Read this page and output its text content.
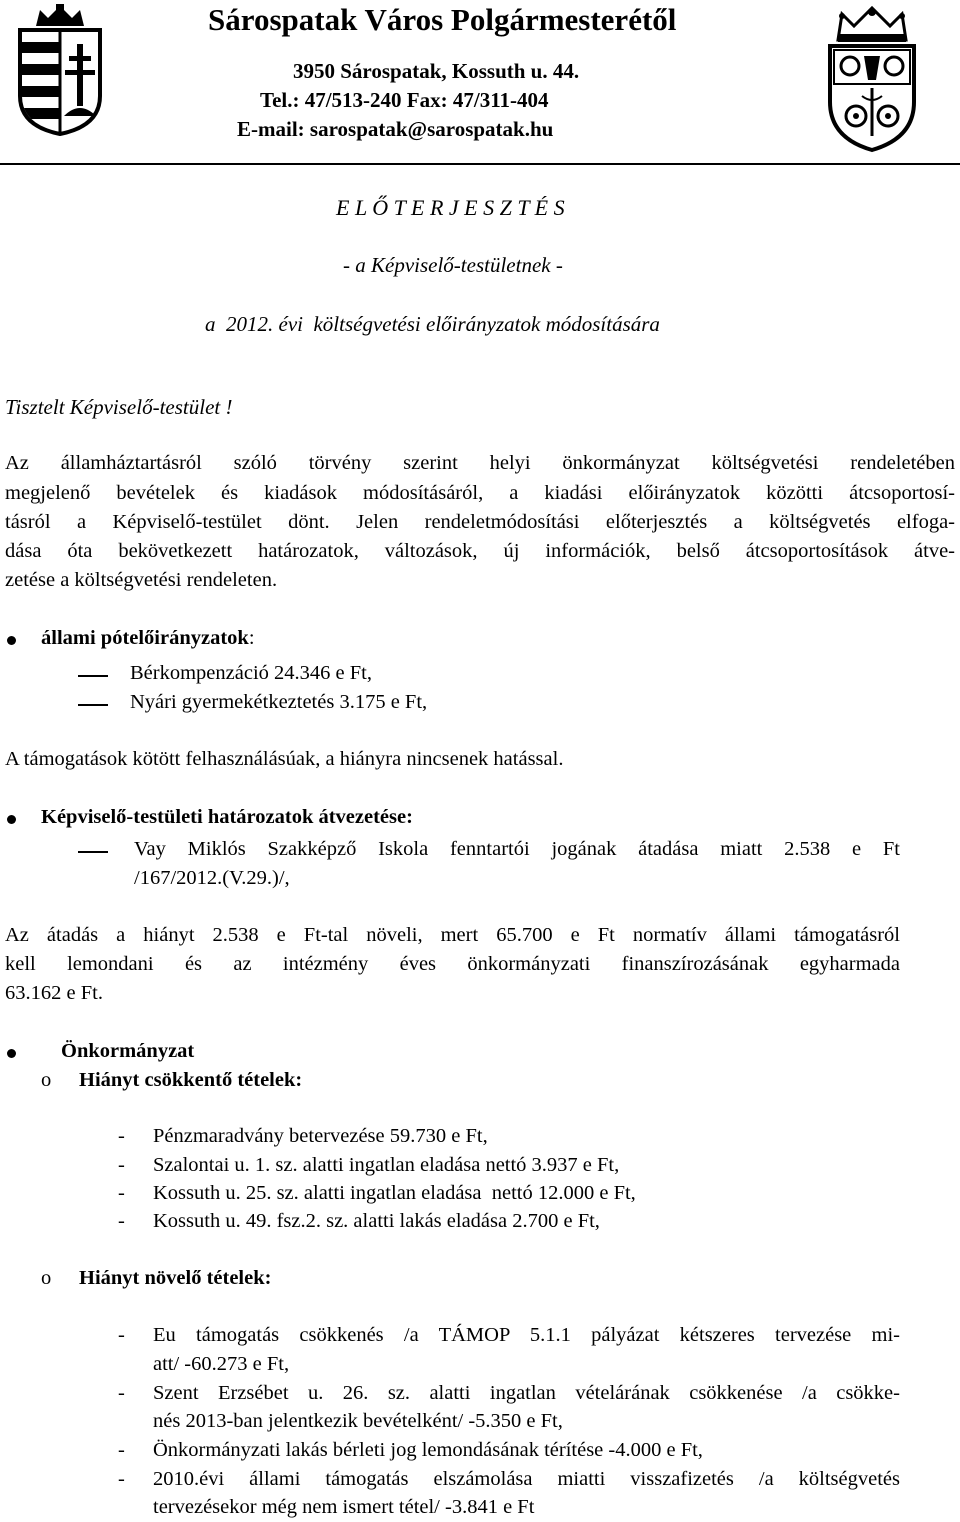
Sárospatak Város Polgármesterétől
3950 Sárospatak, Kossuth u. 44.
Tel.: 47/513-240 Fax: 47/311-404
E-mail: sarospatak@sarospatak.hu
E L Ő T E R J E S Z T É S
- a Képviselő-testületnek -
a  2012. évi  költségvetési előirányzatok módosítására
Tisztelt Képviselő-testület !
Az államháztartásról szóló törvény szerint helyi önkormányzat költségvetési rendeletében
megjelenő bevételek és kiadások módosításáról, a kiadási előirányzatok közötti átcsoportosí-
tásról a Képviselő-testület dönt. Jelen rendeletmódosítási előterjesztés a költségvetés elfoga-
dása óta bekövetkezett határozatok, változások, új információk, belső átcsoportosítások átve-
zetése a költségvetési rendeleten.
állami pótelőirányzatok:
Bérkompenzáció 24.346 e Ft,
Nyári gyermekétkeztetés 3.175 e Ft,
A támogatások kötött felhasználásúak, a hiányra nincsenek hatással.
Képviselő-testületi határozatok átvezetése:
Vay Miklós Szakképző Iskola fenntartói jogának átadása miatt 2.538 e Ft
/167/2012.(V.29.)/,
Az átadás a hiányt 2.538 e Ft-tal növeli, mert 65.700 e Ft normatív állami támogatásról
kell lemondani és az intézmény éves önkormányzati finanszírozásának egyharmada
63.162 e Ft.
Önkormányzat
o Hiányt csökkentő tételek:
- Pénzmaradvány betervezése 59.730 e Ft,
- Szalontai u. 1. sz. alatti ingatlan eladása nettó 3.937 e Ft,
- Kossuth u. 25. sz. alatti ingatlan eladása  nettó 12.000 e Ft,
- Kossuth u. 49. fsz.2. sz. alatti lakás eladása 2.700 e Ft,
o Hiányt növelő tételek:
- Eu támogatás csökkenés /a TÁMOP 5.1.1 pályázat kétszeres tervezése mi-
att/ -60.273 e Ft,
- Szent Erzsébet u. 26. sz. alatti ingatlan vételárának csökkenése /a csökke-
nés 2013-ban jelentkezik bevételként/ -5.350 e Ft,
- Önkormányzati lakás bérleti jog lemondásának térítése -4.000 e Ft,
- 2010.évi állami támogatás elszámolása miatti visszafizetés /a költségvetés
tervezésekor még nem ismert tétel/ -3.841 e Ft
